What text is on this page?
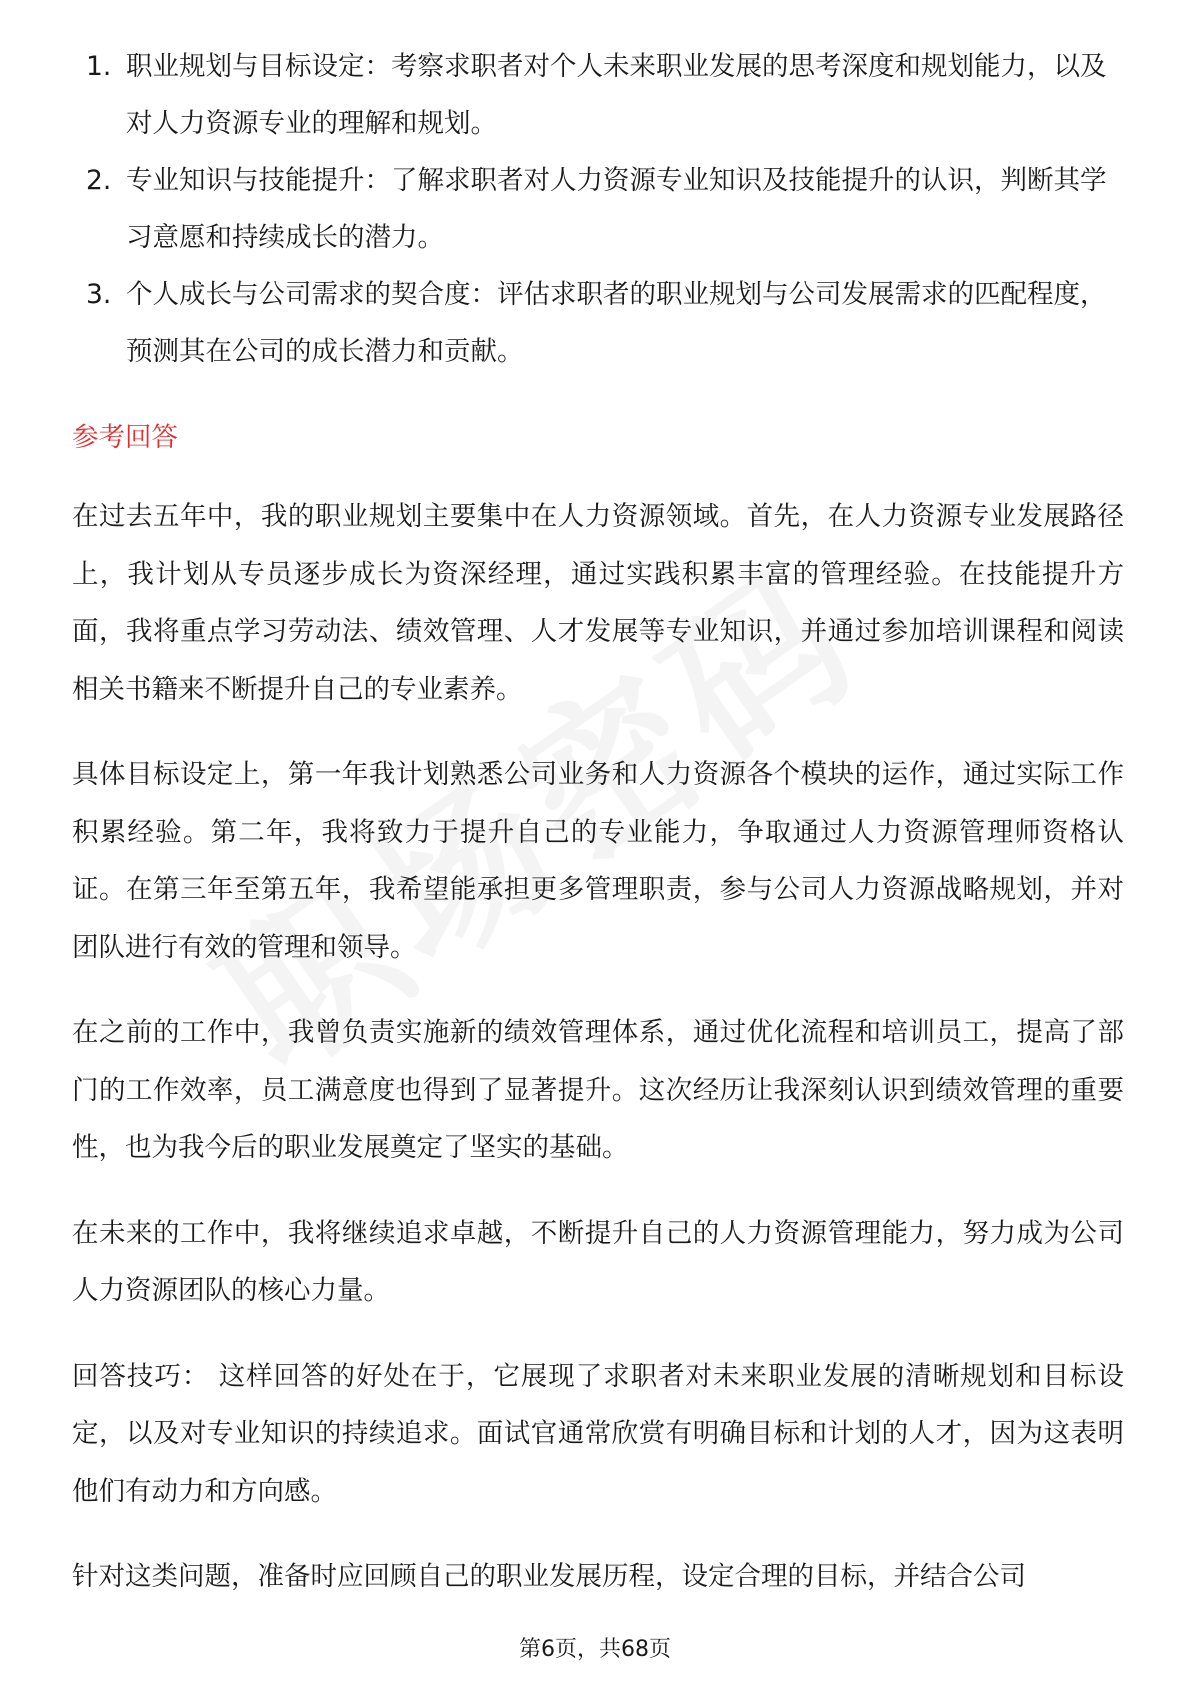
1. 职业规划与目标设定：考察求职者对个人未来职业发展的思考深度和规划能力，以及对人力资源专业的理解和规划。
2. 专业知识与技能提升：了解求职者对人力资源专业知识及技能提升的认识，判断其学习意愿和持续成长的潜力。
3. 个人成长与公司需求的契合度：评估求职者的职业规划与公司发展需求的匹配程度，预测其在公司的成长潜力和贡献。
参考回答

在过去五年中，我的职业规划主要集中在人力资源领域。首先，在人力资源专业发展路径上，我计划从专员逐步成长为资深经理，通过实践积累丰富的管理经验。在技能提升方面，我将重点学习劳动法、绩效管理、人才发展等专业知识，并通过参加培训课程和阅读相关书籍来不断提升自己的专业素养。

具体目标设定上，第一年我计划熟悉公司业务和人力资源各个模块的运作，通过实际工作积累经验。第二年，我将致力于提升自己的专业能力，争取通过人力资源管理师资格认证。在第三年至第五年，我希望能承担更多管理职责，参与公司人力资源战略规划，并对团队进行有效的管理和领导。

在之前的工作中，我曾负责实施新的绩效管理体系，通过优化流程和培训员工，提高了部门的工作效率，员工满意度也得到了显著提升。这次经历让我深刻认识到绩效管理的重要性，也为我今后的职业发展奠定了坚实的基础。

在未来的工作中，我将继续追求卓越，不断提升自己的人力资源管理能力，努力成为公司人力资源团队的核心力量。

回答技巧： 这样回答的好处在于，它展现了求职者对未来职业发展的清晰规划和目标设定，以及对专业知识的持续追求。面试官通常欣赏有明确目标和计划的人才，因为这表明他们有动力和方向感。

针对这类问题，准备时应回顾自己的职业发展历程，设定合理的目标，并结合公司

第6页，共68页
